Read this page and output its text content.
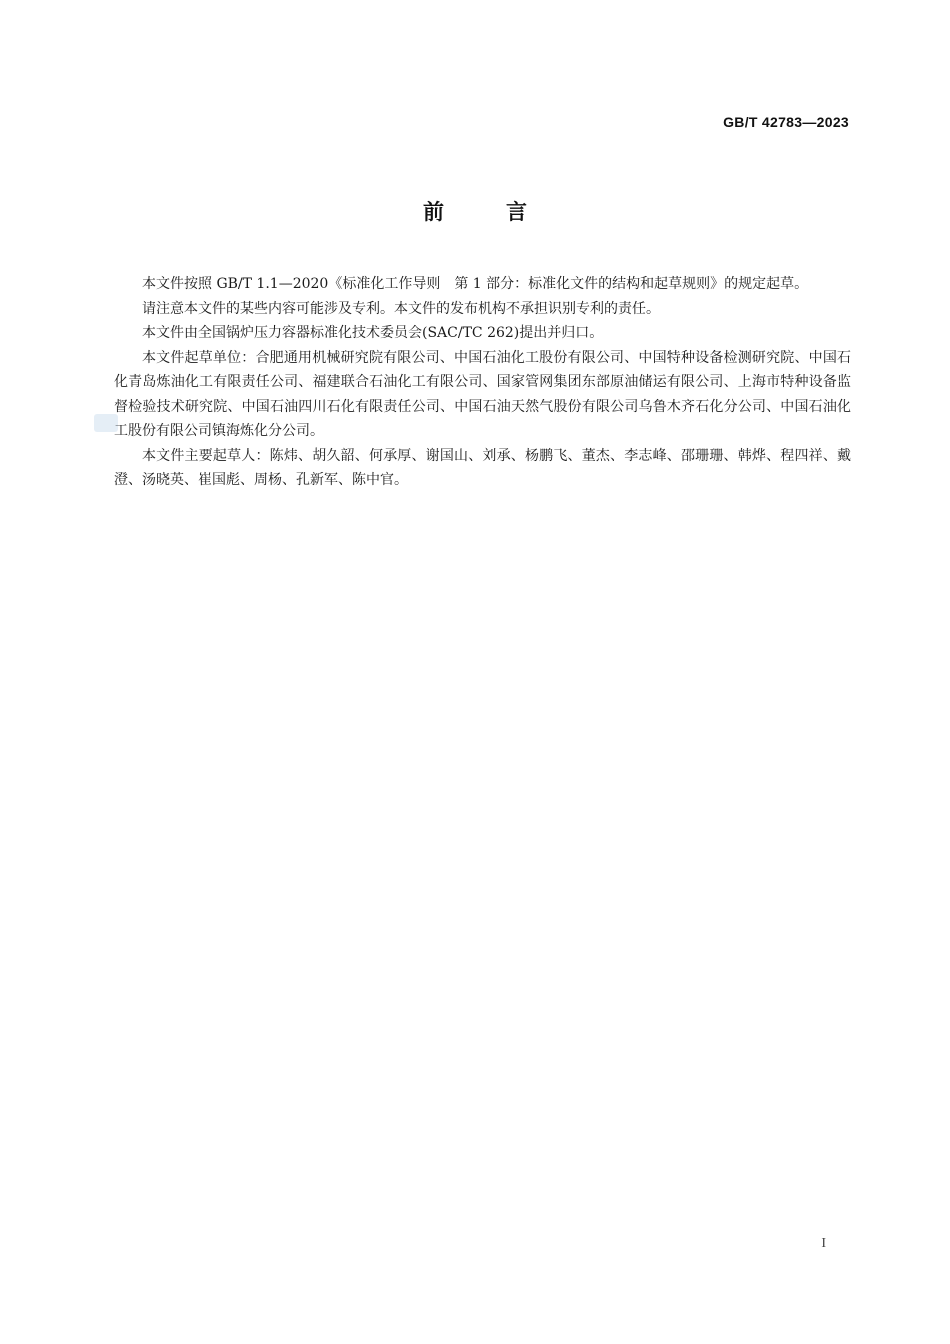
GB/T 42783—2023
前言

本文件按照 GB/T 1.1—2020《标准化工作导则　第 1 部分：标准化文件的结构和起草规则》的规定起草。

请注意本文件的某些内容可能涉及专利。本文件的发布机构不承担识别专利的责任。

本文件由全国锅炉压力容器标准化技术委员会(SAC/TC 262)提出并归口。

本文件起草单位：合肥通用机械研究院有限公司、中国石油化工股份有限公司、中国特种设备检测研究院、中国石化青岛炼油化工有限责任公司、福建联合石油化工有限公司、国家管网集团东部原油储运有限公司、上海市特种设备监督检验技术研究院、中国石油四川石化有限责任公司、中国石油天然气股份有限公司乌鲁木齐石化分公司、中国石油化工股份有限公司镇海炼化分公司。

本文件主要起草人：陈炜、胡久韶、何承厚、谢国山、刘承、杨鹏飞、董杰、李志峰、邵珊珊、韩烨、程四祥、戴澄、汤晓英、崔国彪、周杨、孔新军、陈中官。

I
